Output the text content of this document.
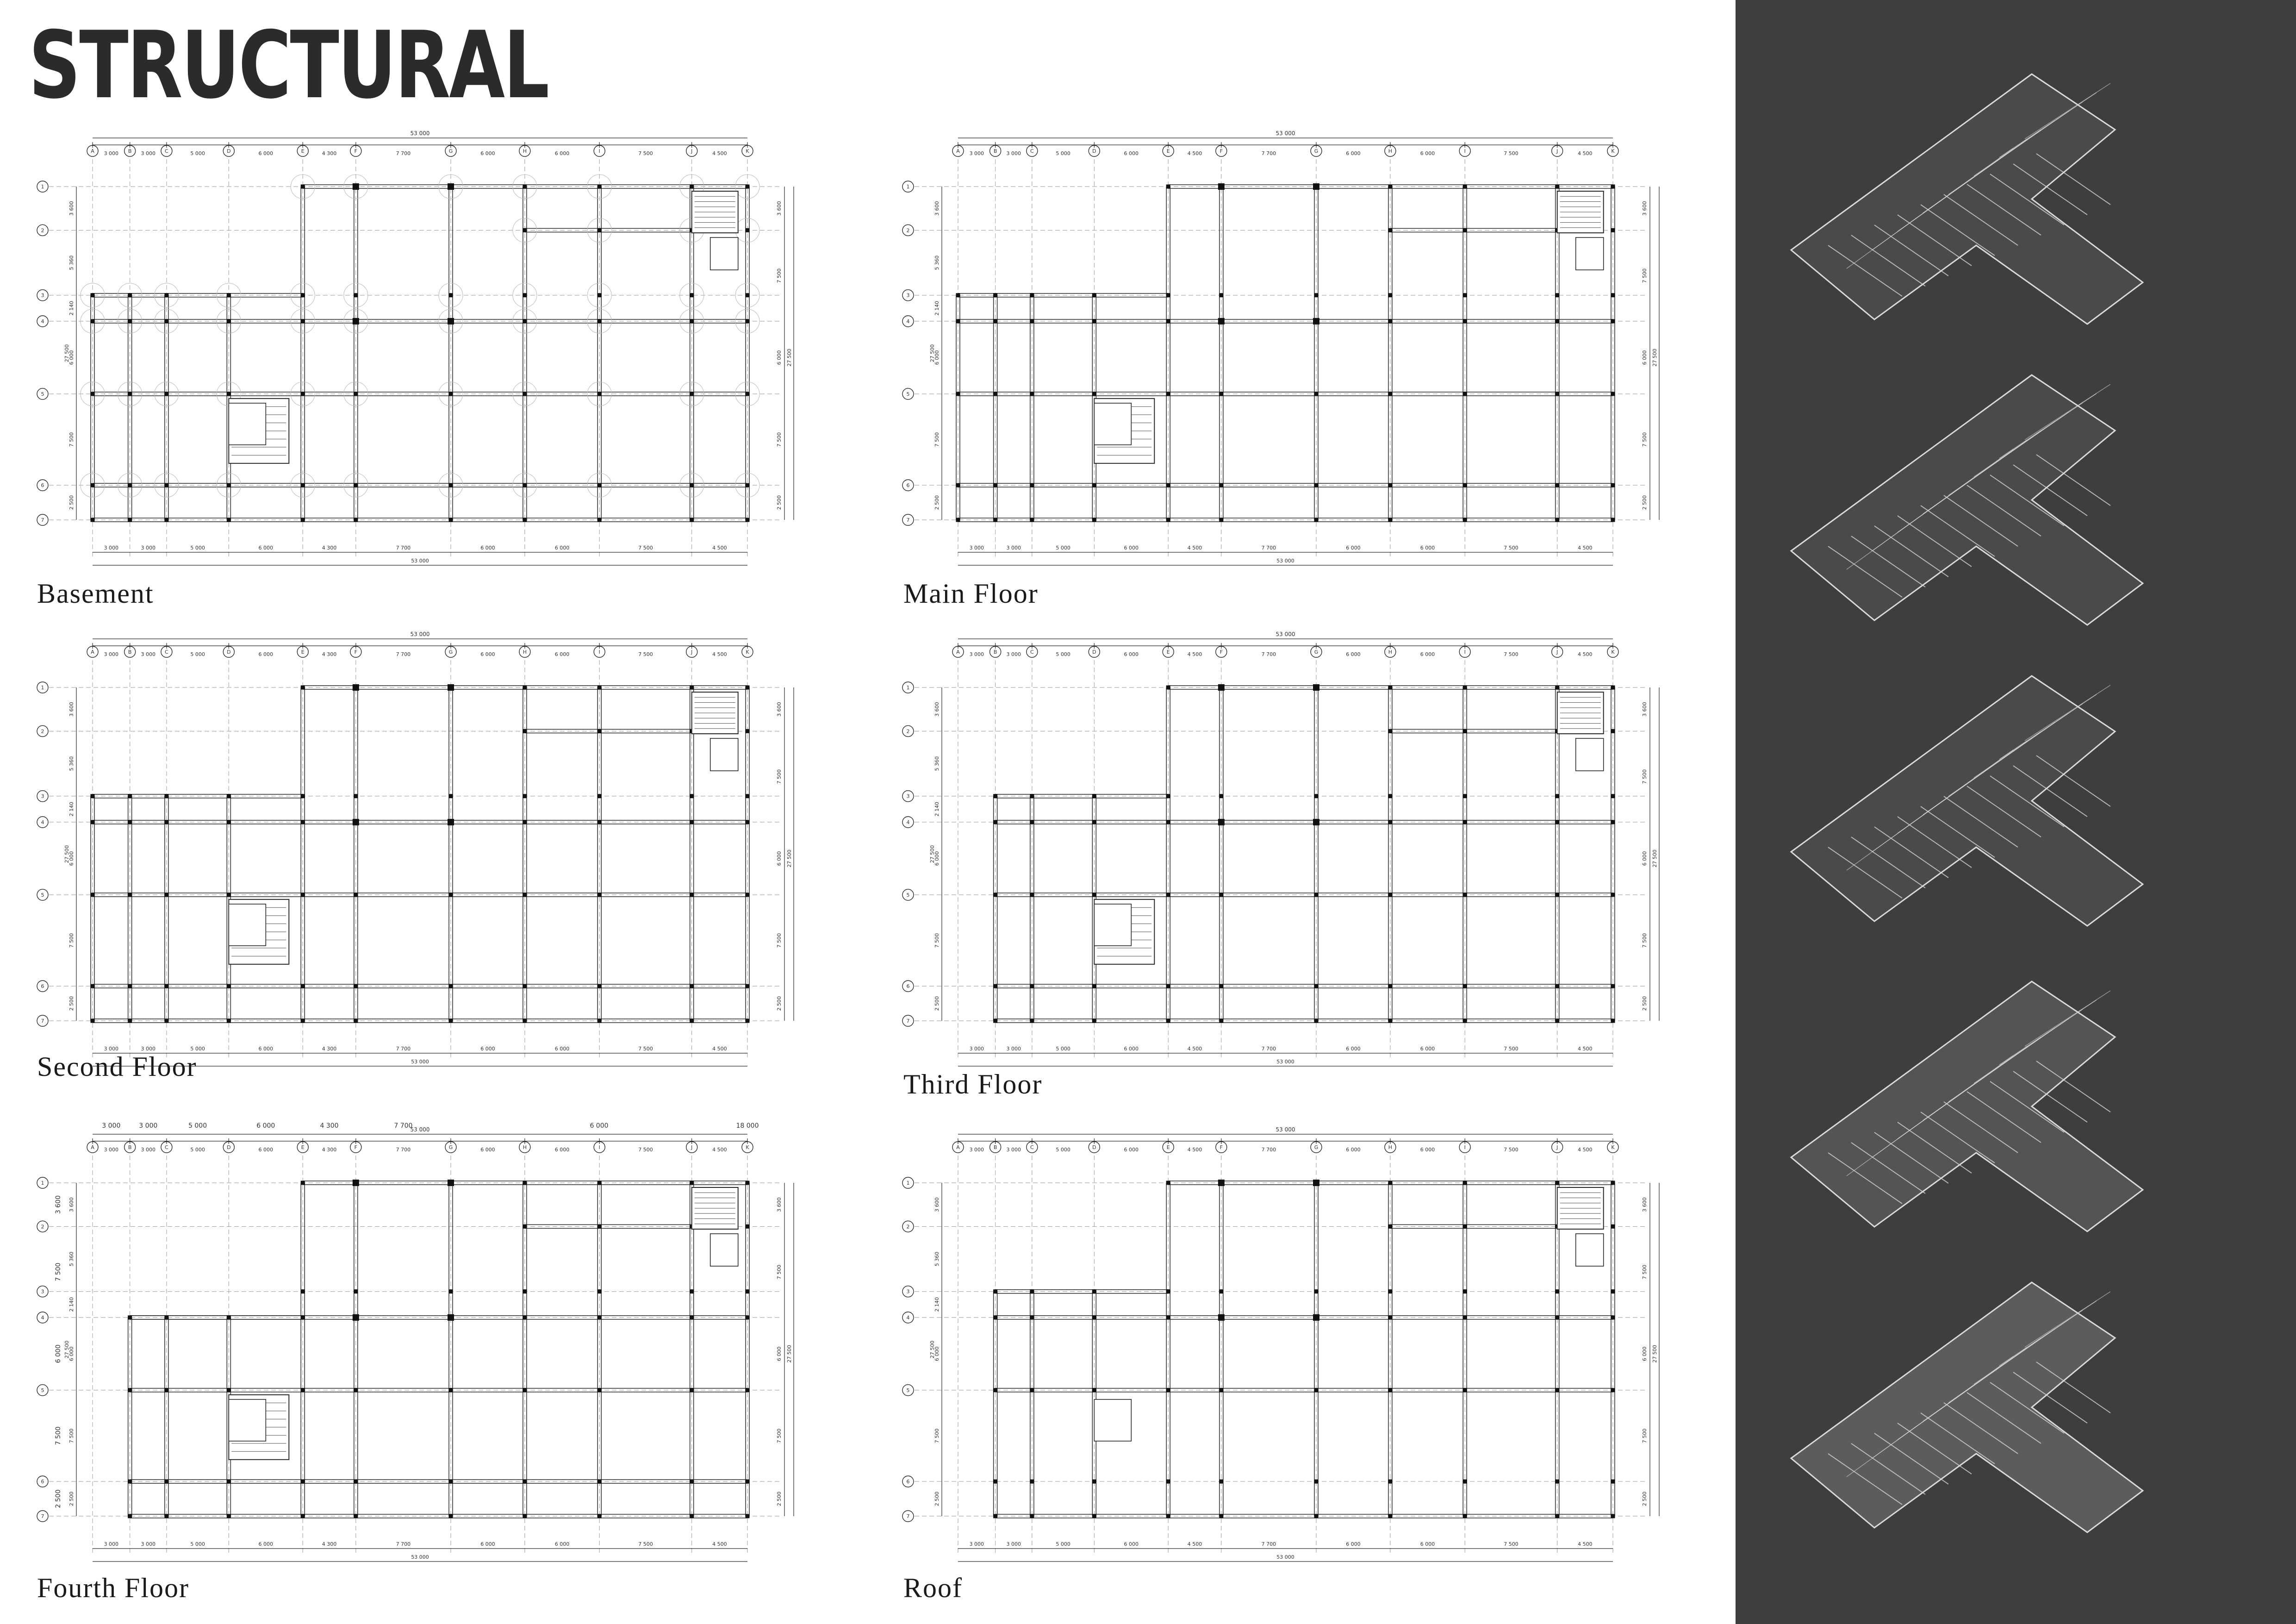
STRUCTURAL
53 000
3 000	3 000	5 000	6 000	4 300	7 700	6 000	6 000	7 500	4 500
A	B	C	D	E	F	G	H	I	J	K
1
2
3
4
5
6
7
3 600
5 360
2 140
6 000
7 500
2 500
27 500
3 600
7 500
6 000
7 500
2 500
27 500
3 000	3 000	5 000	6 000	4 300	7 700	6 000	6 000	7 500	4 500
53 000
Basement
53 000
3 000	3 000	5 000	6 000	4 500	7 700	6 000	6 000	7 500	4 500
A	B	C	D	E	F	G	H	I	J	K
1
2
3
4
5
6
7
3 600
5 360
2 140
6 000
7 500
2 500
27 500
3 600
7 500
6 000
7 500
2 500
27 500
3 000	3 000	5 000	6 000	4 500	7 700	6 000	6 000	7 500	4 500
53 000
Main Floor
53 000
3 000	3 000	5 000	6 000	4 300	7 700	6 000	6 000	7 500	4 500
A	B	C	D	E	F	G	H	I	J	K
1
2
3
4
5
6
7
3 600
5 360
2 140
6 000
7 500
2 500
27 500
3 600
7 500
6 000
7 500
2 500
27 500
3 000	3 000	5 000	6 000	4 300	7 700	6 000	6 000	7 500	4 500
53 000
Second Floor
53 000
3 000	3 000	5 000	6 000	4 500	7 700	6 000	6 000	7 500	4 500
A	B	C	D	E	F	G	H	I	J	K
1
2
3
4
5
6
7
3 600
5 360
2 140
6 000
7 500
2 500
27 500
3 600
7 500
6 000
7 500
2 500
27 500
3 000	3 000	5 000	6 000	4 500	7 700	6 000	6 000	7 500	4 500
53 000
Third Floor
53 000
3 000	3 000	5 000	6 000	4 300	7 700	6 000	6 000	7 500	4 500
A	B	C	D	E	F	G	H	I	J	K
1
2
3
4
5
6
7
3 600
5 360
2 140
6 000
7 500
2 500
27 500
3 600
7 500
6 000
7 500
2 500
27 500
3 000	3 000	5 000	6 000	4 300	7 700	6 000	6 000	7 500	4 500
53 000
3 000	3 000	5 000	6 000	4 300	7 700	6 000	18 000
3 600
7 500
6 000
7 500
2 500
Fourth Floor
53 000
3 000	3 000	5 000	6 000	4 500	7 700	6 000	6 000	7 500	4 500
A	B	C	D	E	F	G	H	I	J	K
1
2
3
4
5
6
7
3 600
5 360
2 140
6 000
7 500
2 500
27 500
3 600
7 500
6 000
7 500
2 500
27 500
3 000	3 000	5 000	6 000	4 500	7 700	6 000	6 000	7 500	4 500
53 000
Roof
